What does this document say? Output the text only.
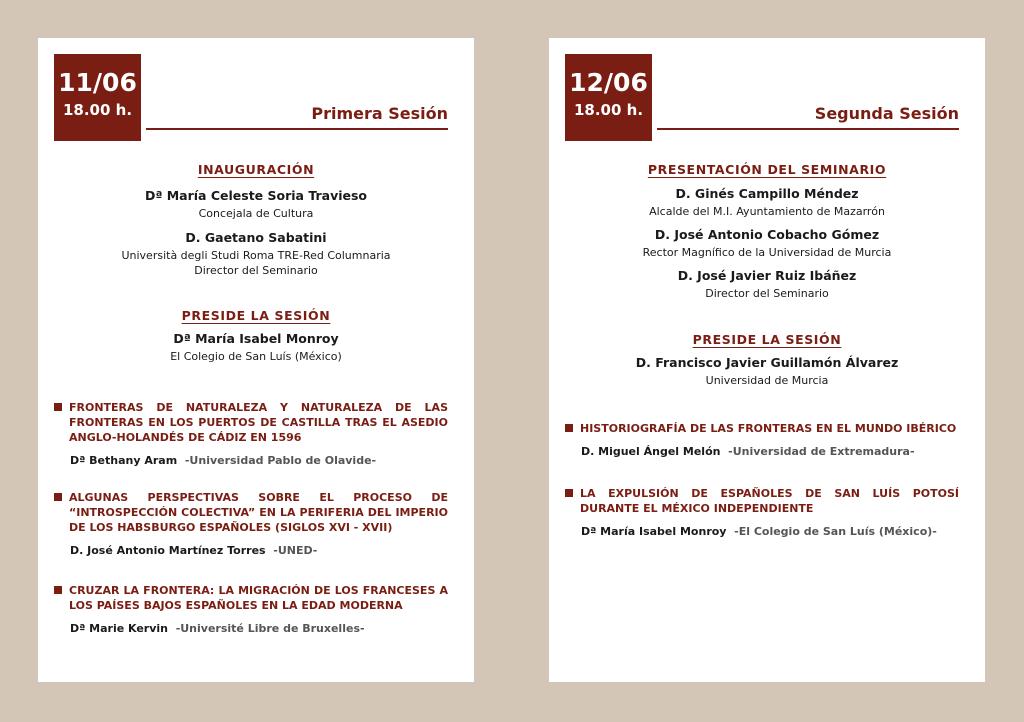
11/06
18.00 h.	Primera Sesión
INAUGURACIÓN
Dª María Celeste Soria Travieso
Concejala de Cultura
D. Gaetano Sabatini
Università degli Studi Roma TRE-Red Columnaria
Director del Seminario
PRESIDE LA SESIÓN
Dª María Isabel Monroy
El Colegio de San Luís (México)
FRONTERAS DE NATURALEZA Y NATURALEZA DE LAS FRONTERAS EN LOS PUERTOS DE CASTILLA TRAS EL ASEDIO ANGLO-HOLANDÉS DE CÁDIZ EN 1596
Dª Bethany Aram -Universidad Pablo de Olavide-
ALGUNAS PERSPECTIVAS SOBRE EL PROCESO DE “INTROSPECCIÓN COLECTIVA” EN LA PERIFERIA DEL IMPERIO DE LOS HABSBURGO ESPAÑOLES (SIGLOS XVI - XVII)
D. José Antonio Martínez Torres -UNED-
CRUZAR LA FRONTERA: LA MIGRACIÓN DE LOS FRANCESES A LOS PAÍSES BAJOS ESPAÑOLES EN LA EDAD MODERNA
Dª Marie Kervin -Université Libre de Bruxelles-
12/06
18.00 h.	Segunda Sesión
PRESENTACIÓN DEL SEMINARIO
D. Ginés Campillo Méndez
Alcalde del M.I. Ayuntamiento de Mazarrón
D. José Antonio Cobacho Gómez
Rector Magnífico de la Universidad de Murcia
D. José Javier Ruiz Ibáñez
Director del Seminario
PRESIDE LA SESIÓN
D. Francisco Javier Guillamón Álvarez
Universidad de Murcia
HISTORIOGRAFÍA DE LAS FRONTERAS EN EL MUNDO IBÉRICO
D. Miguel Ángel Melón -Universidad de Extremadura-
LA EXPULSIÓN DE ESPAÑOLES DE SAN LUÍS POTOSÍ DURANTE EL MÉXICO INDEPENDIENTE
Dª María Isabel Monroy -El Colegio de San Luís (México)-
